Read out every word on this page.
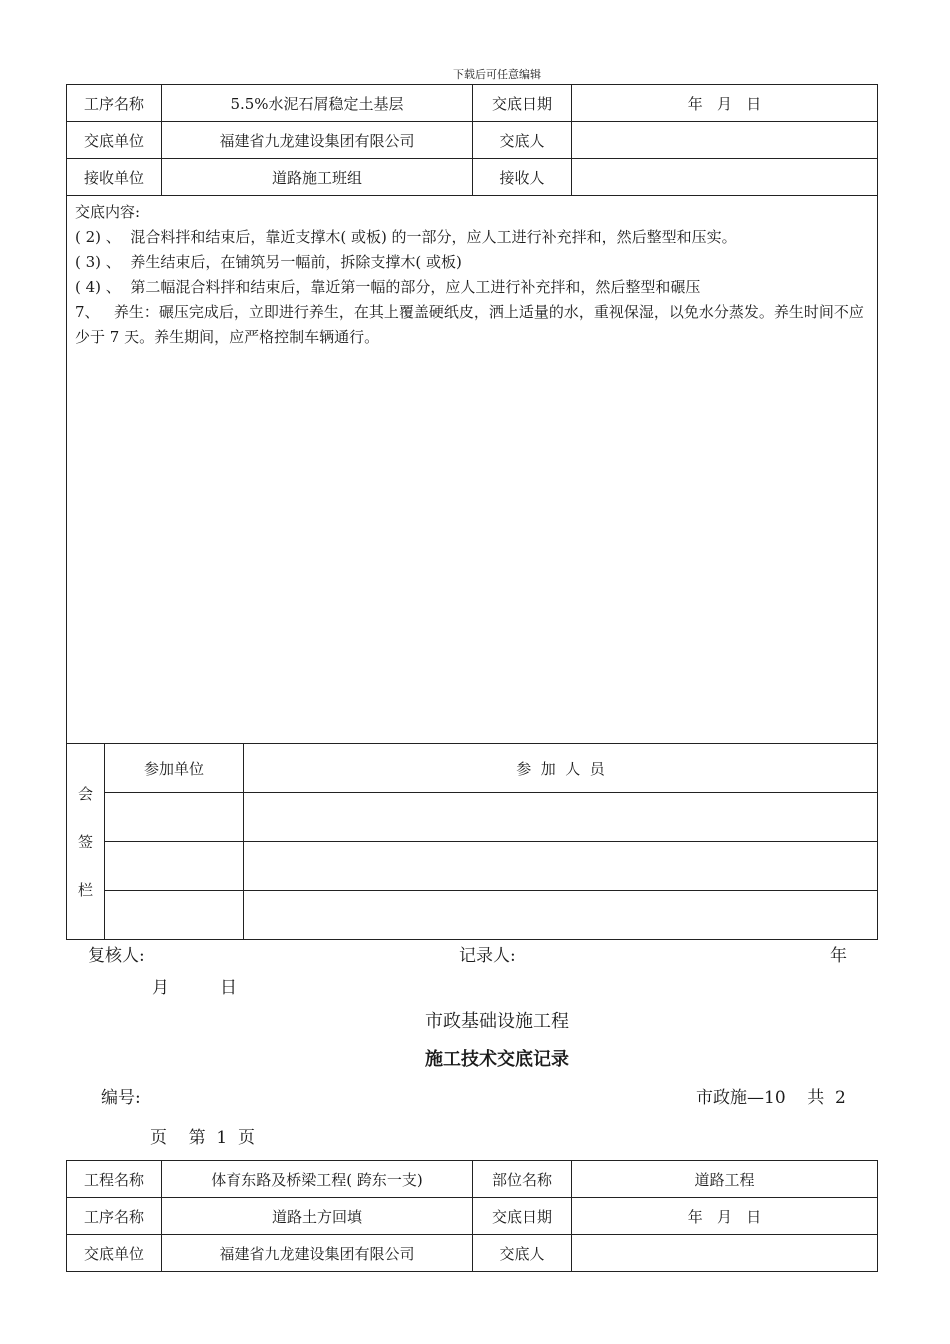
下载后可任意编辑
工序名称	5.5%水泥石屑稳定土基层	交底日期	年   月   日
交底单位	福建省九龙建设集团有限公司	交底人	
接收单位	道路施工班组	接收人	

交底内容:
( 2) 、  混合料拌和结束后，靠近支撑木( 或板) 的一部分，应人工进行补充拌和，然后整型和压实。
( 3) 、  养生结束后，在铺筑另一幅前，拆除支撑木( 或板)
( 4) 、  第二幅混合料拌和结束后，靠近第一幅的部分，应人工进行补充拌和，然后整型和碾压
7、   养生：碾压完成后，立即进行养生，在其上覆盖硬纸皮，洒上适量的水，重视保湿，以免水分蒸发。养生时间不应少于 7 天。养生期间，应严格控制车辆通行。			
会
签
栏	参加单位	参  加  人  员

复核人:	记录人:	年
月	日
市政基础设施工程
施工技术交底记录
编号:	市政施—10    共  2
页    第  1  页
工程名称	体育东路及桥梁工程( 跨东一支)	部位名称	道路工程
工序名称	道路土方回填	交底日期	年   月   日
交底单位	福建省九龙建设集团有限公司	交底人	
